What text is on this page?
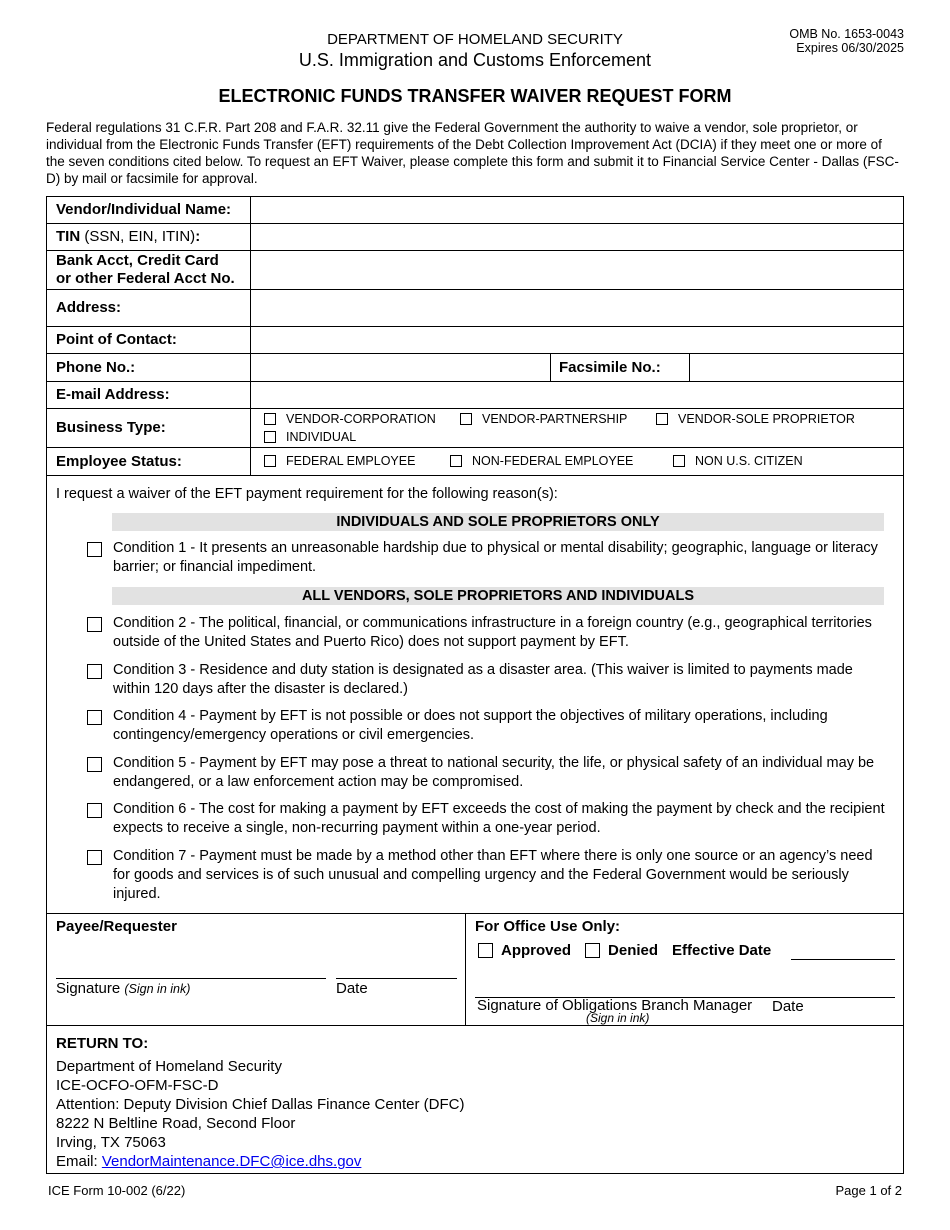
OMB No. 1653-0043
Expires 06/30/2025
DEPARTMENT OF HOMELAND SECURITY
U.S. Immigration and Customs Enforcement
ELECTRONIC FUNDS TRANSFER WAIVER REQUEST FORM
Federal regulations 31 C.F.R. Part 208 and F.A.R. 32.11 give the Federal Government the authority to waive a vendor, sole proprietor, or individual from the Electronic Funds Transfer (EFT) requirements of the Debt Collection Improvement Act (DCIA) if they meet one or more of the seven conditions cited below. To request an EFT Waiver, please complete this form and submit it to Financial Service Center - Dallas (FSC-D) by mail or facsimile for approval.
Vendor/Individual Name:
TIN (SSN, EIN, ITIN):
Bank Acct, Credit Card
or other Federal Acct No.
Address:
Point of Contact:
Phone No.:	Facsimile No.:
E-mail Address:
Business Type:	VENDOR-CORPORATION	VENDOR-PARTNERSHIP	VENDOR-SOLE PROPRIETOR
INDIVIDUAL
Employee Status:	FEDERAL EMPLOYEE	NON-FEDERAL EMPLOYEE	NON U.S. CITIZEN
I request a waiver of the EFT payment requirement for the following reason(s):
INDIVIDUALS AND SOLE PROPRIETORS ONLY
Condition 1 - It presents an unreasonable hardship due to physical or mental disability; geographic, language or literacy barrier; or financial impediment.
ALL VENDORS, SOLE PROPRIETORS AND INDIVIDUALS
Condition 2 - The political, financial, or communications infrastructure in a foreign country (e.g., geographical territories outside of the United States and Puerto Rico) does not support payment by EFT.
Condition 3 - Residence and duty station is designated as a disaster area. (This waiver is limited to payments made within 120 days after the disaster is declared.)
Condition 4 - Payment by EFT is not possible or does not support the objectives of military operations, including contingency/emergency operations or civil emergencies.
Condition 5 - Payment by EFT may pose a threat to national security, the life, or physical safety of an individual may be endangered, or a law enforcement action may be compromised.
Condition 6 - The cost for making a payment by EFT exceeds the cost of making the payment by check and the recipient expects to receive a single, non-recurring payment within a one-year period.
Condition 7 - Payment must be made by a method other than EFT where there is only one source or an agency’s need for goods and services is of such unusual and compelling urgency and the Federal Government would be seriously injured.
Payee/Requester
Signature (Sign in ink)	Date
For Office Use Only:
Approved Denied Effective Date
Signature of Obligations Branch Manager Date
(Sign in ink)
RETURN TO:
Department of Homeland Security
ICE-OCFO-OFM-FSC-D
Attention: Deputy Division Chief Dallas Finance Center (DFC)
8222 N Beltline Road, Second Floor
Irving, TX 75063
Email: VendorMaintenance.DFC@ice.dhs.gov
ICE Form 10-002 (6/22)	Page 1 of 2
